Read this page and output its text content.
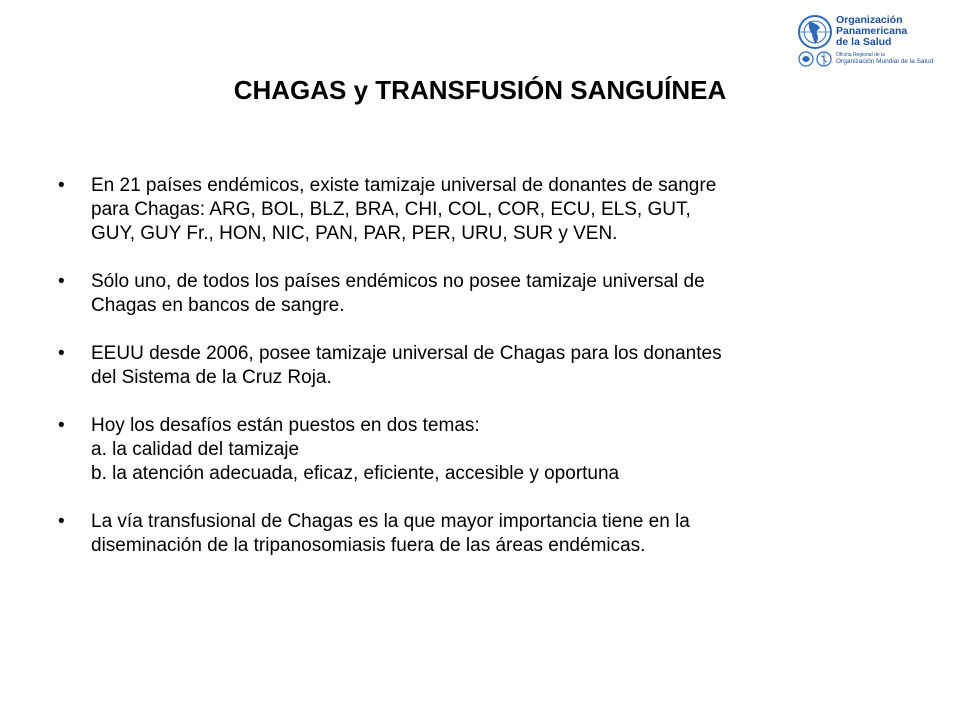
Organización
Panamericana
de la Salud
Oficina Regional de la
Organización Mundial de la Salud
CHAGAS y TRANSFUSIÓN SANGUÍNEA
•	En 21 países endémicos, existe tamizaje universal de donantes de sangre
para Chagas: ARG, BOL, BLZ, BRA, CHI, COL, COR, ECU, ELS, GUT,
GUY, GUY Fr., HON, NIC, PAN, PAR, PER, URU, SUR y VEN.
•	Sólo uno, de todos los países endémicos no posee tamizaje universal de
Chagas en bancos de sangre.
•	EEUU desde 2006, posee tamizaje universal de Chagas para los donantes
del Sistema de la Cruz Roja.
•	Hoy los desafíos están puestos en dos temas:
a. la calidad del tamizaje
b. la atención adecuada, eficaz, eficiente, accesible y oportuna
•	La vía transfusional de Chagas es la que mayor importancia tiene en la
diseminación de la tripanosomiasis fuera de las áreas endémicas.
